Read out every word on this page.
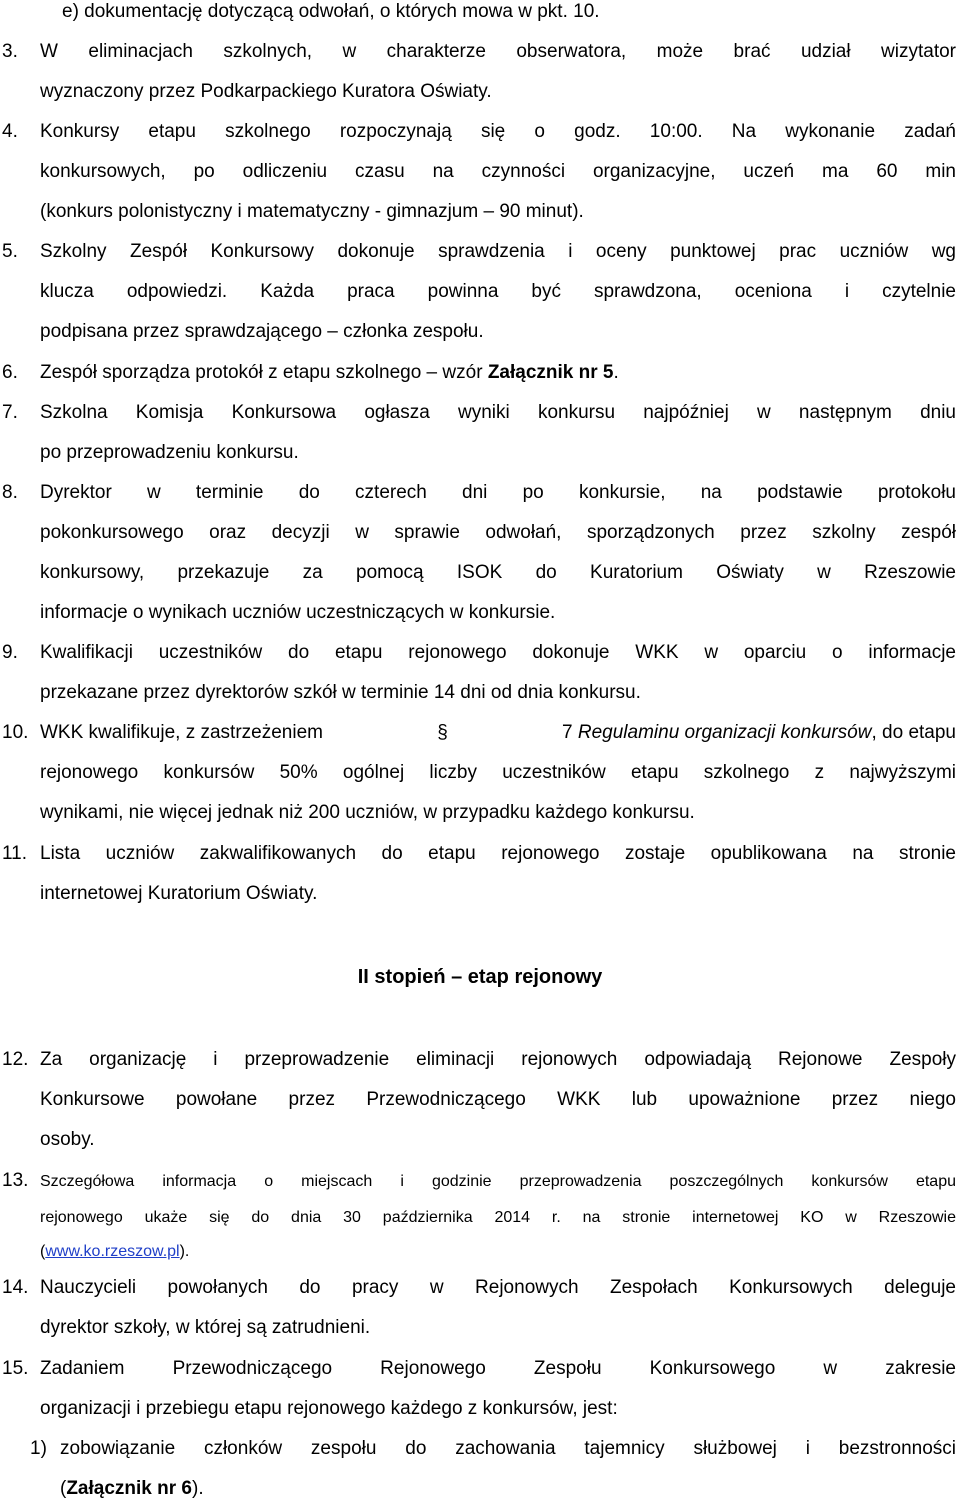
e) dokumentację dotyczącą odwołań, o których mowa w pkt. 10.
3. W eliminacjach szkolnych, w charakterze obserwatora, może brać udział wizytator
wyznaczony przez Podkarpackiego Kuratora Oświaty.
4. Konkursy etapu szkolnego rozpoczynają się o godz. 10:00. Na wykonanie zadań
konkursowych, po odliczeniu czasu na czynności organizacyjne, uczeń ma 60 min
(konkurs polonistyczny i matematyczny - gimnazjum – 90 minut).
5. Szkolny Zespół Konkursowy dokonuje sprawdzenia i oceny punktowej prac uczniów wg
klucza odpowiedzi. Każda praca powinna być sprawdzona, oceniona i czytelnie
podpisana przez sprawdzającego – członka zespołu.
6. Zespół sporządza protokół z etapu szkolnego – wzór Załącznik nr 5.
7. Szkolna Komisja Konkursowa ogłasza wyniki konkursu najpóźniej w następnym dniu
po przeprowadzeniu konkursu.
8. Dyrektor w terminie do czterech dni po konkursie, na podstawie protokołu
pokonkursowego oraz decyzji w sprawie odwołań, sporządzonych przez szkolny zespół
konkursowy, przekazuje za pomocą ISOK do Kuratorium Oświaty w Rzeszowie
informacje o wynikach uczniów uczestniczących w konkursie.
9. Kwalifikacji uczestników do etapu rejonowego dokonuje WKK w oparciu o informacje
przekazane przez dyrektorów szkół w terminie 14 dni od dnia konkursu.
10. WKK kwalifikuje, z zastrzeżeniem	§	7 Regulaminu organizacji konkursów, do etapu
rejonowego konkursów 50% ogólnej liczby uczestników etapu szkolnego z najwyższymi
wynikami, nie więcej jednak niż 200 uczniów, w przypadku każdego konkursu.
11. Lista uczniów zakwalifikowanych do etapu rejonowego zostaje opublikowana na stronie
internetowej Kuratorium Oświaty.
II stopień – etap rejonowy
12. Za organizację i przeprowadzenie eliminacji rejonowych odpowiadają Rejonowe Zespoły
Konkursowe powołane przez Przewodniczącego WKK lub upoważnione przez niego
osoby.
13. Szczegółowa informacja o miejscach i godzinie przeprowadzenia poszczególnych konkursów etapu
rejonowego ukaże się do dnia 30 października 2014 r. na stronie internetowej KO w Rzeszowie
(www.ko.rzeszow.pl).
14. Nauczycieli powołanych do pracy w Rejonowych Zespołach Konkursowych deleguje
dyrektor szkoły, w której są zatrudnieni.
15. Zadaniem Przewodniczącego Rejonowego Zespołu Konkursowego w zakresie
organizacji i przebiegu etapu rejonowego każdego z konkursów, jest:
1) zobowiązanie członków zespołu do zachowania tajemnicy służbowej i bezstronności
(Załącznik nr 6).
